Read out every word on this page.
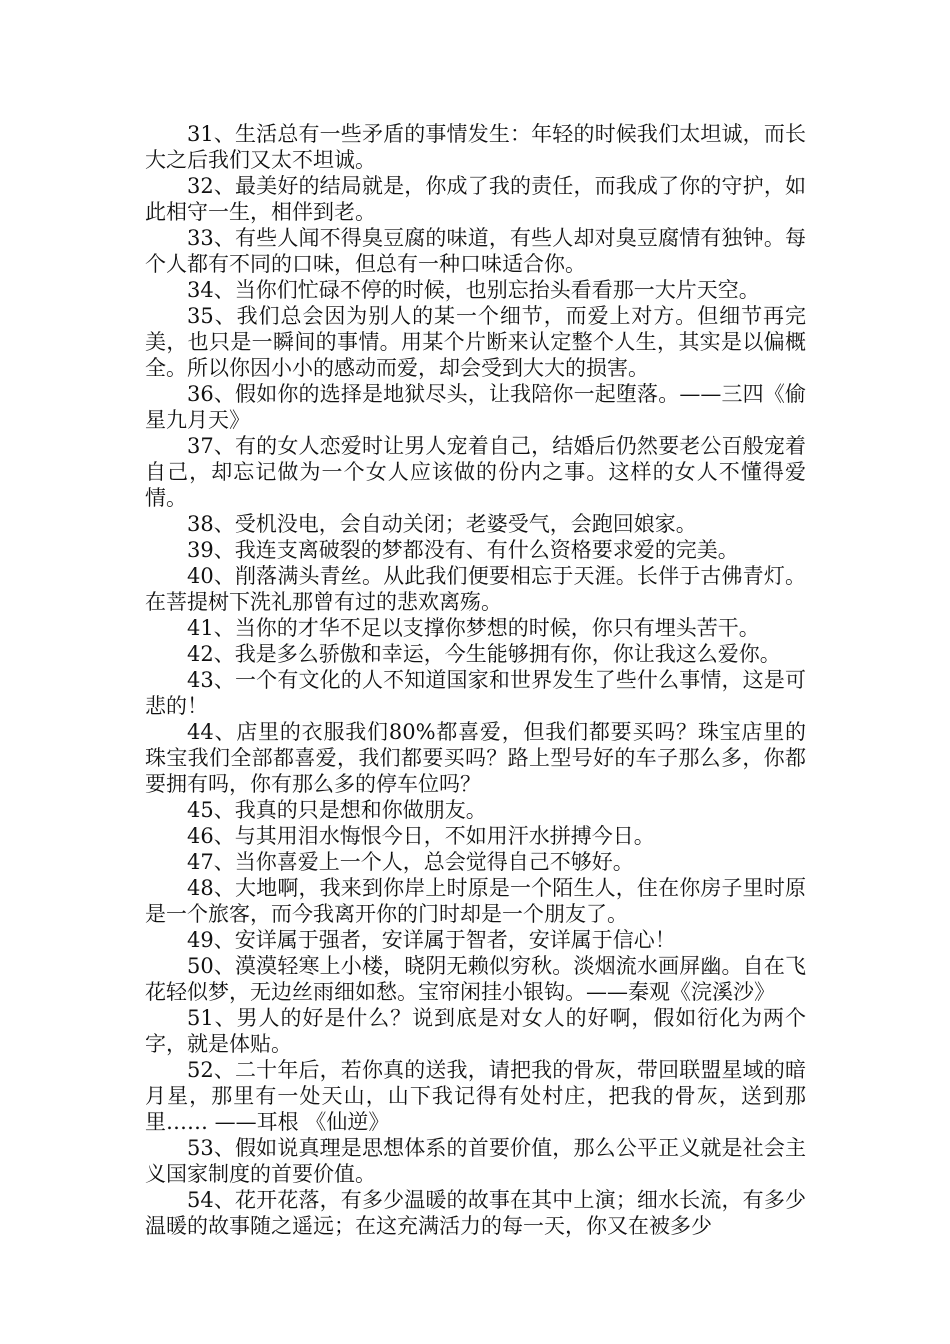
31、生活总有一些矛盾的事情发生：年轻的时候我们太坦诚，而长大之后我们又太不坦诚。

32、最美好的结局就是，你成了我的责任，而我成了你的守护，如此相守一生，相伴到老。

33、有些人闻不得臭豆腐的味道，有些人却对臭豆腐情有独钟。每个人都有不同的口味，但总有一种口味适合你。

34、当你们忙碌不停的时候，也别忘抬头看看那一大片天空。

35、我们总会因为别人的某一个细节，而爱上对方。但细节再完美，也只是一瞬间的事情。用某个片断来认定整个人生，其实是以偏概全。所以你因小小的感动而爱，却会受到大大的损害。

36、假如你的选择是地狱尽头，让我陪你一起堕落。——三四《偷星九月天》

37、有的女人恋爱时让男人宠着自己，结婚后仍然要老公百般宠着自己，却忘记做为一个女人应该做的份内之事。这样的女人不懂得爱情。

38、受机没电，会自动关闭；老婆受气，会跑回娘家。

39、我连支离破裂的梦都没有、有什么资格要求爱的完美。

40、削落满头青丝。从此我们便要相忘于天涯。长伴于古佛青灯。在菩提树下洗礼那曾有过的悲欢离殇。

41、当你的才华不足以支撑你梦想的时候，你只有埋头苦干。

42、我是多么骄傲和幸运，今生能够拥有你，你让我这么爱你。

43、一个有文化的人不知道国家和世界发生了些什么事情，这是可悲的！

44、店里的衣服我们80%都喜爱，但我们都要买吗？珠宝店里的珠宝我们全部都喜爱，我们都要买吗？路上型号好的车子那么多，你都要拥有吗，你有那么多的停车位吗？

45、我真的只是想和你做朋友。

46、与其用泪水悔恨今日，不如用汗水拼搏今日。

47、当你喜爱上一个人，总会觉得自己不够好。

48、大地啊，我来到你岸上时原是一个陌生人，住在你房子里时原是一个旅客，而今我离开你的门时却是一个朋友了。

49、安详属于强者，安详属于智者，安详属于信心！

50、漠漠轻寒上小楼，晓阴无赖似穷秋。淡烟流水画屏幽。自在飞花轻似梦，无边丝雨细如愁。宝帘闲挂小银钩。——秦观《浣溪沙》

51、男人的好是什么？说到底是对女人的好啊，假如衍化为两个字，就是体贴。

52、二十年后，若你真的送我，请把我的骨灰，带回联盟星域的暗月星，那里有一处天山，山下我记得有处村庄，把我的骨灰，送到那里…… ——耳根 《仙逆》

53、假如说真理是思想体系的首要价值，那么公平正义就是社会主义国家制度的首要价值。

54、花开花落，有多少温暖的故事在其中上演；细水长流，有多少温暖的故事随之遥远；在这充满活力的每一天，你又在被多少
